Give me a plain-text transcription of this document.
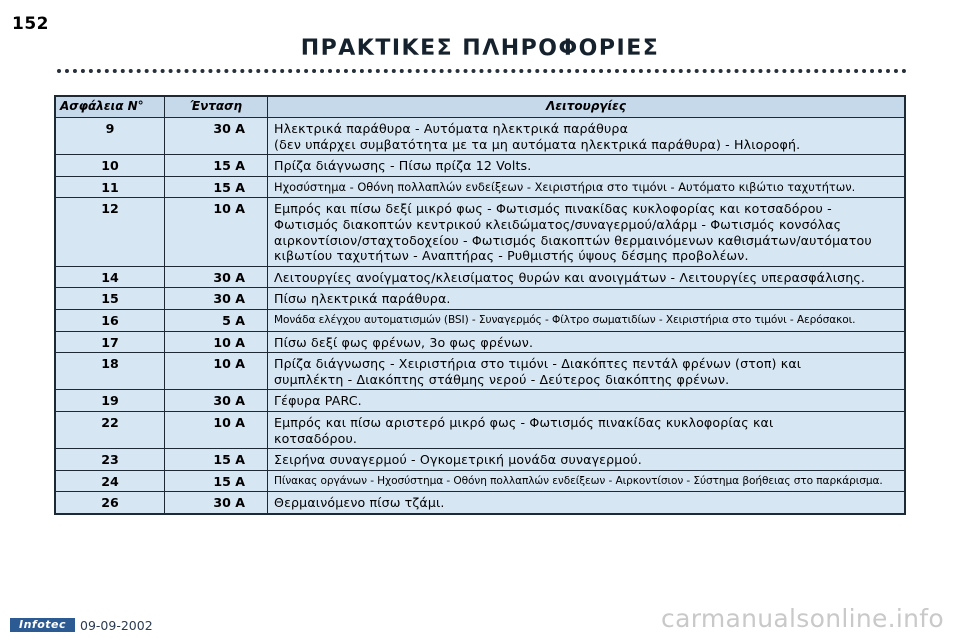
152
ΠΡΑΚΤΙΚΕΣ ΠΛΗΡΟΦΟΡΙΕΣ
Ασφάλεια N°	Ένταση	Λειτουργίες
9	30 A	Ηλεκτρικά παράθυρα - Αυτόματα ηλεκτρικά παράθυρα
(δεν υπάρχει συμβατότητα με τα μη αυτόματα ηλεκτρικά παράθυρα) - Ηλιοροφή.
10	15 A	Πρίζα διάγνωσης - Πίσω πρίζα 12 Volts.
11	15 A	Ηχοσύστημα - Οθόνη πολλαπλών ενδείξεων - Χειριστήρια στο τιμόνι - Αυτόματο κιβώτιο ταχυτήτων.
12	10 A	Εμπρός και πίσω δεξί μικρό φως - Φωτισμός πινακίδας κυκλοφορίας και κοτσαδόρου -
Φωτισμός διακοπτών κεντρικού κλειδώματος/συναγερμού/αλάρμ - Φωτισμός κονσόλας
αιρκοντίσιον/σταχτοδοχείου - Φωτισμός διακοπτών θερμαινόμενων καθισμάτων/αυτόματου
κιβωτίου ταχυτήτων - Αναπτήρας - Ρυθμιστής ύψους δέσμης προβολέων.
14	30 A	Λειτουργίες ανοίγματος/κλεισίματος θυρών και ανοιγμάτων - Λειτουργίες υπερασφάλισης.
15	30 A	Πίσω ηλεκτρικά παράθυρα.
16	5 A	Μονάδα ελέγχου αυτοματισμών (BSI) - Συναγερμός - Φίλτρο σωματιδίων - Χειριστήρια στο τιμόνι - Αερόσακοι.
17	10 A	Πίσω δεξί φως φρένων, 3ο φως φρένων.
18	10 A	Πρίζα διάγνωσης - Χειριστήρια στο τιμόνι - Διακόπτες πεντάλ φρένων (στοπ) και
συμπλέκτη - Διακόπτης στάθμης νερού - Δεύτερος διακόπτης φρένων.
19	30 A	Γέφυρα PARC.
22	10 A	Εμπρός και πίσω αριστερό μικρό φως - Φωτισμός πινακίδας κυκλοφορίας και
κοτσαδόρου.
23	15 A	Σειρήνα συναγερμού - Ογκομετρική μονάδα συναγερμού.
24	15 A	Πίνακας οργάνων - Ηχοσύστημα - Οθόνη πολλαπλών ενδείξεων - Αιρκοντίσιον - Σύστημα βοήθειας στο παρκάρισμα.
26	30 A	Θερμαινόμενο πίσω τζάμι.
Infotec	09-09-2002	carmanualsonline.info
